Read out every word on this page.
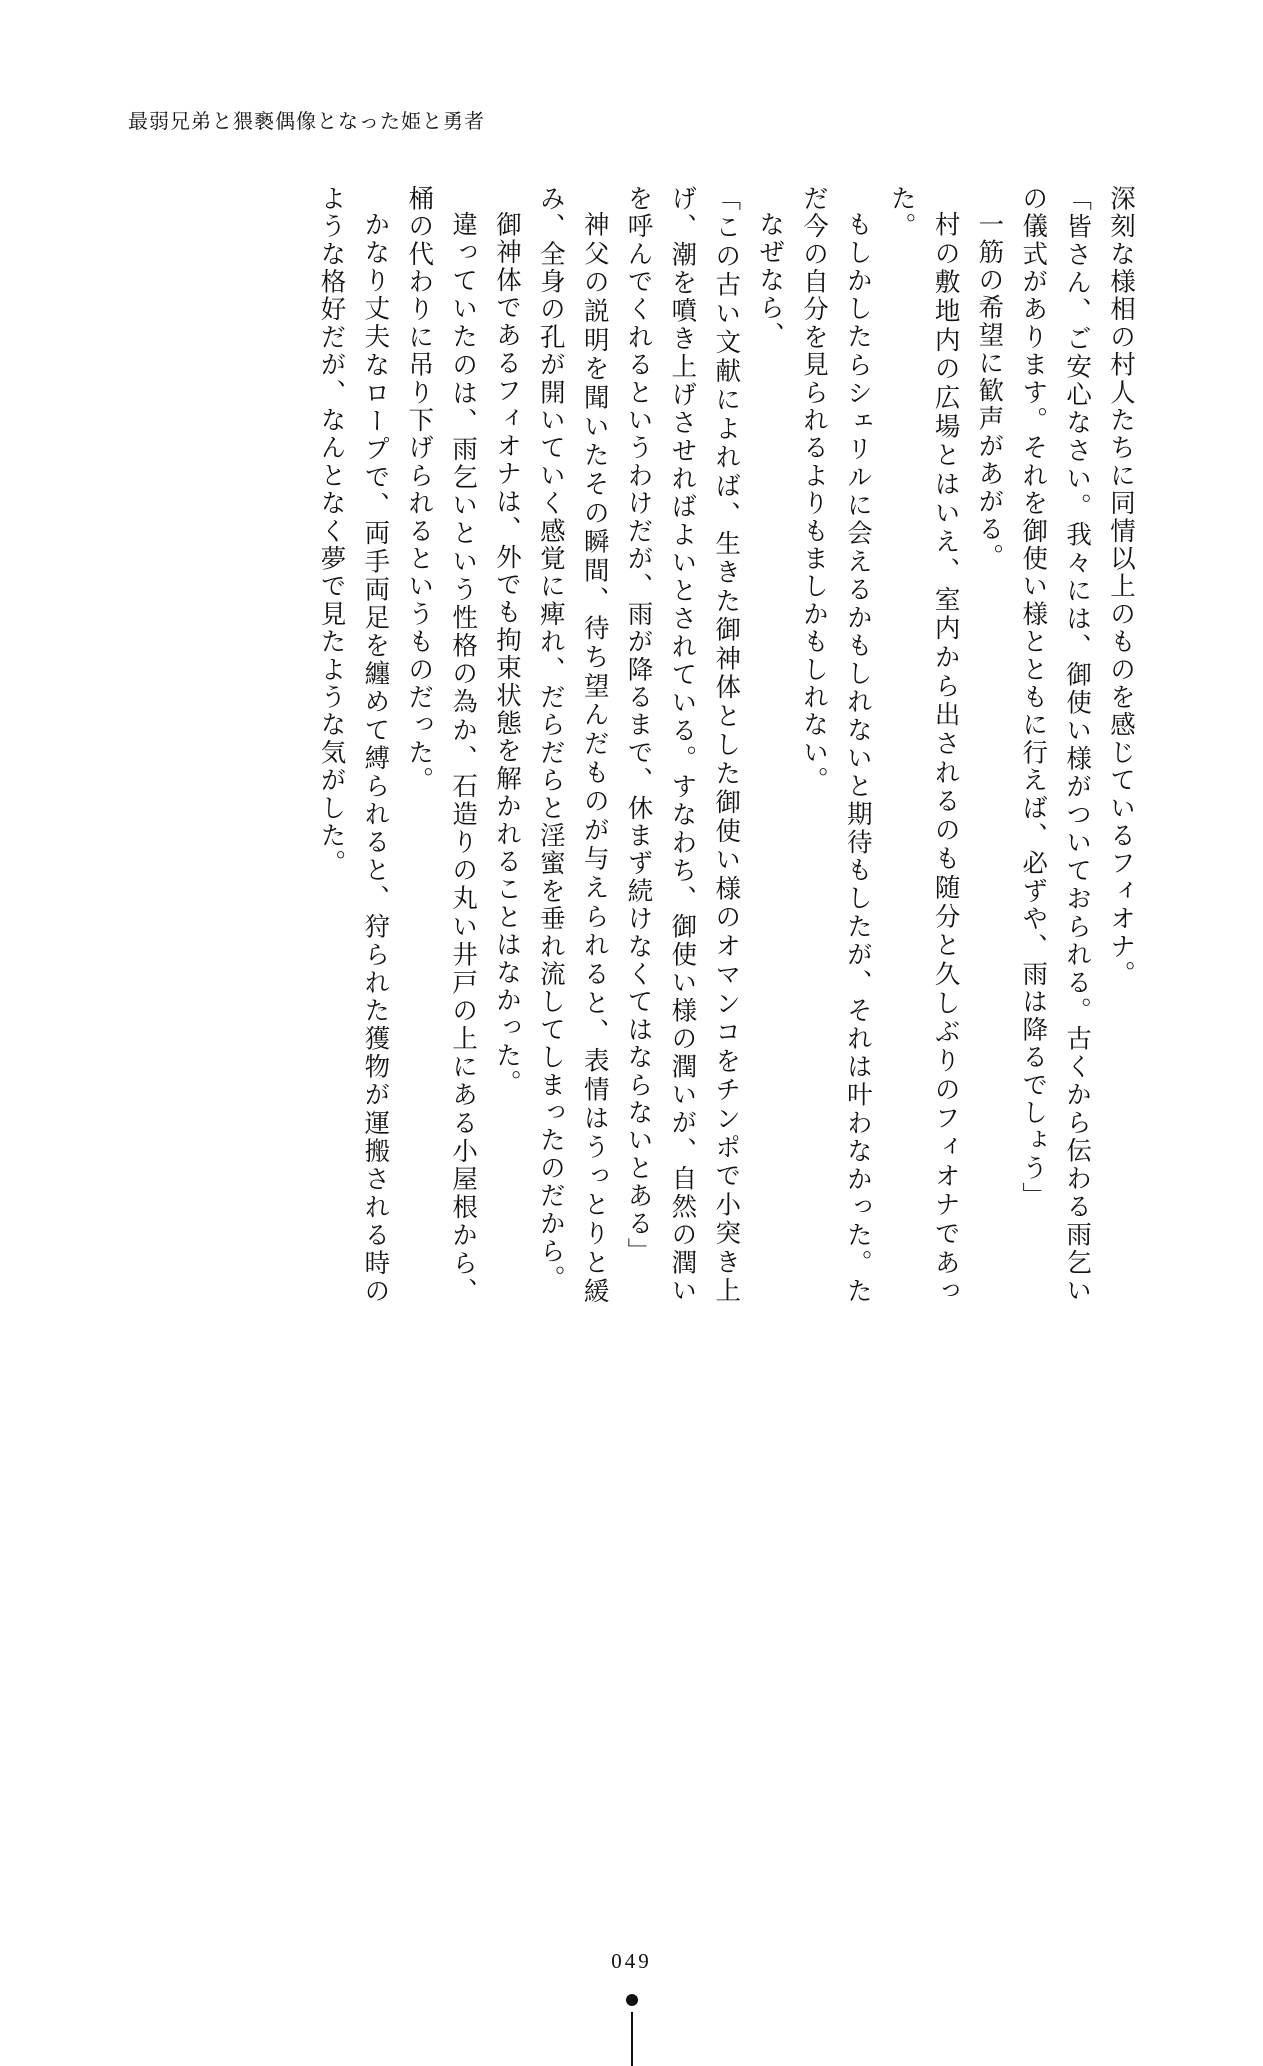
最弱兄弟と猥褻偶像となった姫と勇者

深刻な様相の村人たちに同情以上のものを感じているフィオナ。

「皆さん、ご安心なさい。我々には、御使い様がついておられる。古くから伝わる雨乞いの儀式があります。それを御使い様とともに行えば、必ずや、雨は降るでしょう」

一筋の希望に歓声があがる。

村の敷地内の広場とはいえ、室内から出されるのも随分と久しぶりのフィオナであった。

もしかしたらシェリルに会えるかもしれないと期待もしたが、それは叶わなかった。ただ今の自分を見られるよりもましかもしれない。

なぜなら、

「この古い文献によれば、生きた御神体とした御使い様のオマンコをチンポで小突き上げ、潮を噴き上げさせればよいとされている。すなわち、御使い様の潤いが、自然の潤いを呼んでくれるというわけだが、雨が降るまで、休まず続けなくてはならないとある」

神父の説明を聞いたその瞬間、待ち望んだものが与えられると、表情はうっとりと緩み、全身の孔が開いていく感覚に痺れ、だらだらと淫蜜を垂れ流してしまったのだから。

御神体であるフィオナは、外でも拘束状態を解かれることはなかった。

違っていたのは、雨乞いという性格の為か、石造りの丸い井戸の上にある小屋根から、桶の代わりに吊り下げられるというものだった。

かなり丈夫なロープで、両手両足を纏めて縛られると、狩られた獲物が運搬される時のような格好だが、なんとなく夢で見たような気がした。

049
